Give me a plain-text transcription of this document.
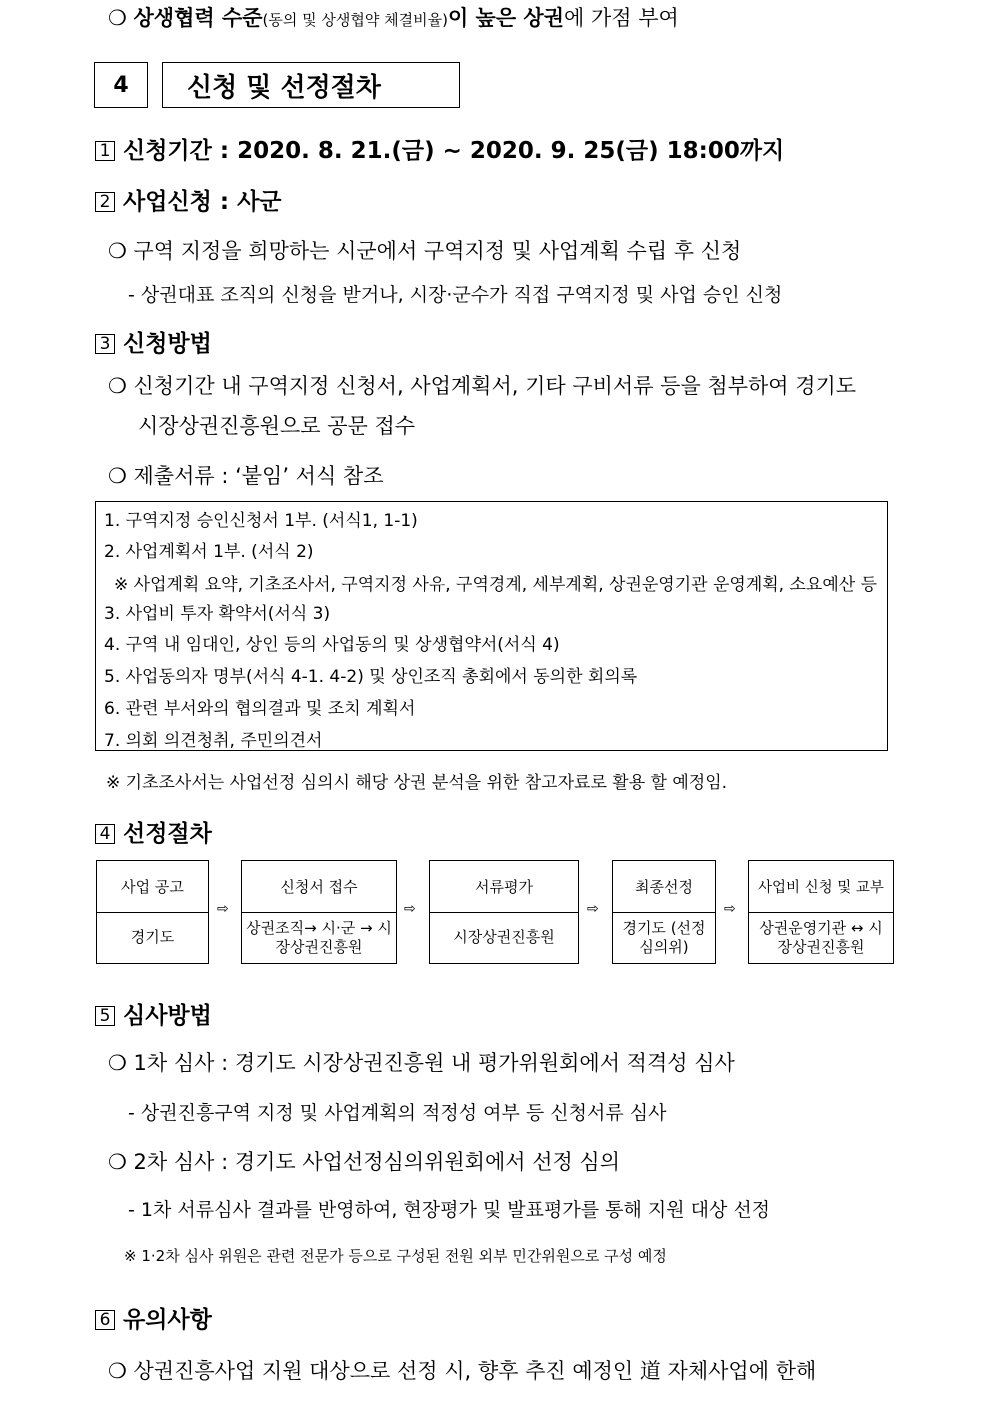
❍ 상생협력 수준(동의 및 상생협약 체결비율)이 높은 상권에 가점 부여
4	신청 및 선정절차
1 신청기간 : 2020. 8. 21.(금) ~ 2020. 9. 25(금) 18:00까지
2 사업신청 : 사군
❍ 구역 지정을 희망하는 시군에서 구역지정 및 사업계획 수립 후 신청
- 상권대표 조직의 신청을 받거나, 시장·군수가 직접 구역지정 및 사업 승인 신청
3 신청방법
❍ 신청기간 내 구역지정 신청서, 사업계획서, 기타 구비서류 등을 첨부하여 경기도
시장상권진흥원으로 공문 접수
❍ 제출서류 : ‘붙임’ 서식 참조
1. 구역지정 승인신청서 1부. (서식1, 1-1)
2. 사업계획서 1부. (서식 2)
※ 사업계획 요약, 기초조사서, 구역지정 사유, 구역경계, 세부계획, 상권운영기관 운영계획, 소요예산 등
3. 사업비 투자 확약서(서식 3)
4. 구역 내 임대인, 상인 등의 사업동의 및 상생협약서(서식 4)
5. 사업동의자 명부(서식 4-1. 4-2) 및 상인조직 총회에서 동의한 회의록
6. 관련 부서와의 협의결과 및 조치 계획서
7. 의회 의견청취, 주민의견서
※ 기초조사서는 사업선정 심의시 해당 상권 분석을 위한 참고자료로 활용 할 예정임.
4 선정절차
사업 공고
경기도
⇨
신청서 접수
상권조직→ 시·군 → 시장상권진흥원
⇨
서류평가
시장상권진흥원
⇨
최종선정
경기도 (선정심의위)
⇨
사업비 신청 및 교부
상권운영기관 ↔ 시장상권진흥원
5 심사방법
❍ 1차 심사 : 경기도 시장상권진흥원 내 평가위원회에서 적격성 심사
- 상권진흥구역 지정 및 사업계획의 적정성 여부 등 신청서류 심사
❍ 2차 심사 : 경기도 사업선정심의위원회에서 선정 심의
- 1차 서류심사 결과를 반영하여, 현장평가 및 발표평가를 통해 지원 대상 선정
※ 1·2차 심사 위원은 관련 전문가 등으로 구성된 전원 외부 민간위원으로 구성 예정
6 유의사항
❍ 상권진흥사업 지원 대상으로 선정 시, 향후 추진 예정인 道 자체사업에 한해
